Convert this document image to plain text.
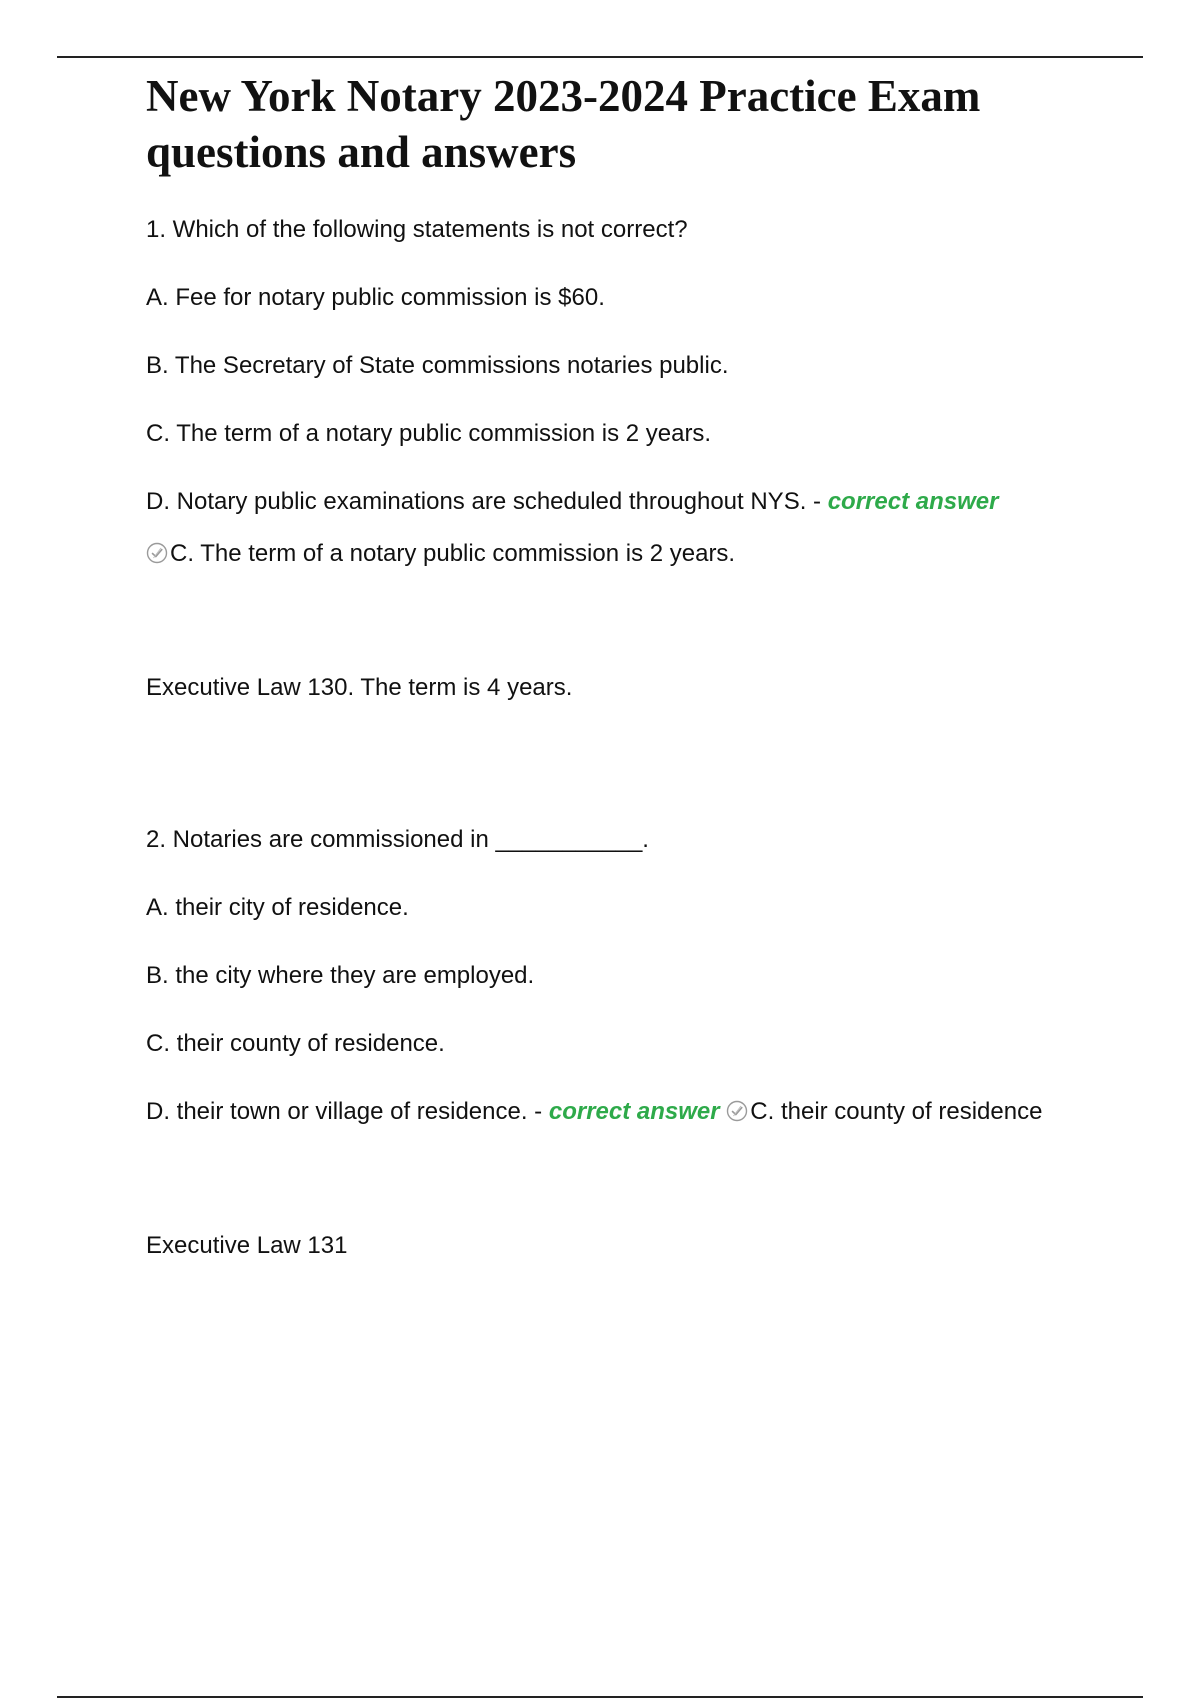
New York Notary 2023-2024 Practice Exam questions and answers
1. Which of the following statements is not correct?
A. Fee for notary public commission is $60.
B. The Secretary of State commissions notaries public.
C. The term of a notary public commission is 2 years.
D. Notary public examinations are scheduled throughout NYS. - correct answer
C. The term of a notary public commission is 2 years.
Executive Law 130. The term is 4 years.
2. Notaries are commissioned in ___________.
A. their city of residence.
B. the city where they are employed.
C. their county of residence.
D. their town or village of residence. - correct answer C. their county of residence
Executive Law 131
